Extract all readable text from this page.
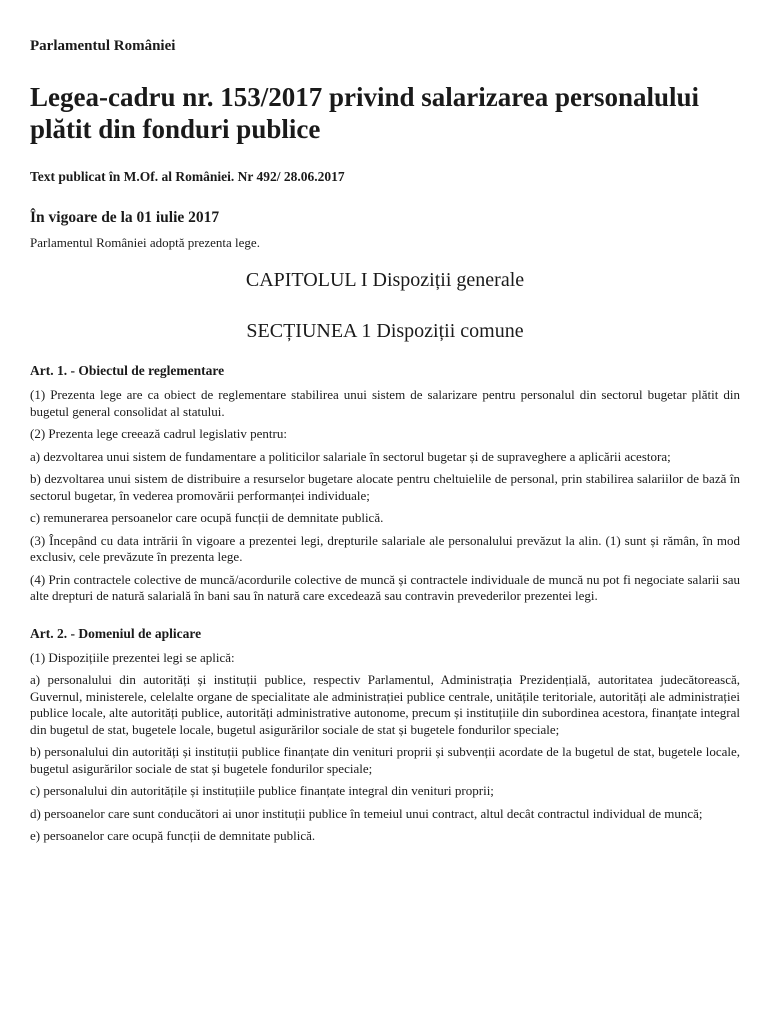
Parlamentul României
Legea-cadru nr. 153/2017 privind salarizarea personalului plătit din fonduri publice
Text publicat în M.Of. al României. Nr 492/ 28.06.2017
În vigoare de la 01 iulie 2017
Parlamentul României adoptă prezenta lege.
CAPITOLUL I Dispoziții generale
SECȚIUNEA 1 Dispoziții comune
Art. 1. - Obiectul de reglementare

(1) Prezenta lege are ca obiect de reglementare stabilirea unui sistem de salarizare pentru personalul din sectorul bugetar plătit din bugetul general consolidat al statului.

(2) Prezenta lege creează cadrul legislativ pentru:

a) dezvoltarea unui sistem de fundamentare a politicilor salariale în sectorul bugetar și de supraveghere a aplicării acestora;

b) dezvoltarea unui sistem de distribuire a resurselor bugetare alocate pentru cheltuielile de personal, prin stabilirea salariilor de bază în sectorul bugetar, în vederea promovării performanței individuale;

c) remunerarea persoanelor care ocupă funcții de demnitate publică.

(3) Începând cu data intrării în vigoare a prezentei legi, drepturile salariale ale personalului prevăzut la alin. (1) sunt și rămân, în mod exclusiv, cele prevăzute în prezenta lege.

(4) Prin contractele colective de muncă/acordurile colective de muncă și contractele individuale de muncă nu pot fi negociate salarii sau alte drepturi de natură salarială în bani sau în natură care excedează sau contravin prevederilor prezentei legi.

Art. 2. - Domeniul de aplicare

(1) Dispozițiile prezentei legi se aplică:

a) personalului din autorități și instituții publice, respectiv Parlamentul, Administrația Prezidențială, autoritatea judecătorească, Guvernul, ministerele, celelalte organe de specialitate ale administrației publice centrale, unitățile teritoriale, autorități ale administrației publice locale, alte autorități publice, autorități administrative autonome, precum și instituțiile din subordinea acestora, finanțate integral din bugetul de stat, bugetele locale, bugetul asigurărilor sociale de stat și bugetele fondurilor speciale;

b) personalului din autorități și instituții publice finanțate din venituri proprii și subvenții acordate de la bugetul de stat, bugetele locale, bugetul asigurărilor sociale de stat și bugetele fondurilor speciale;

c) personalului din autoritățile și instituțiile publice finanțate integral din venituri proprii;

d) persoanelor care sunt conducători ai unor instituții publice în temeiul unui contract, altul decât contractul individual de muncă;

e) persoanelor care ocupă funcții de demnitate publică.
